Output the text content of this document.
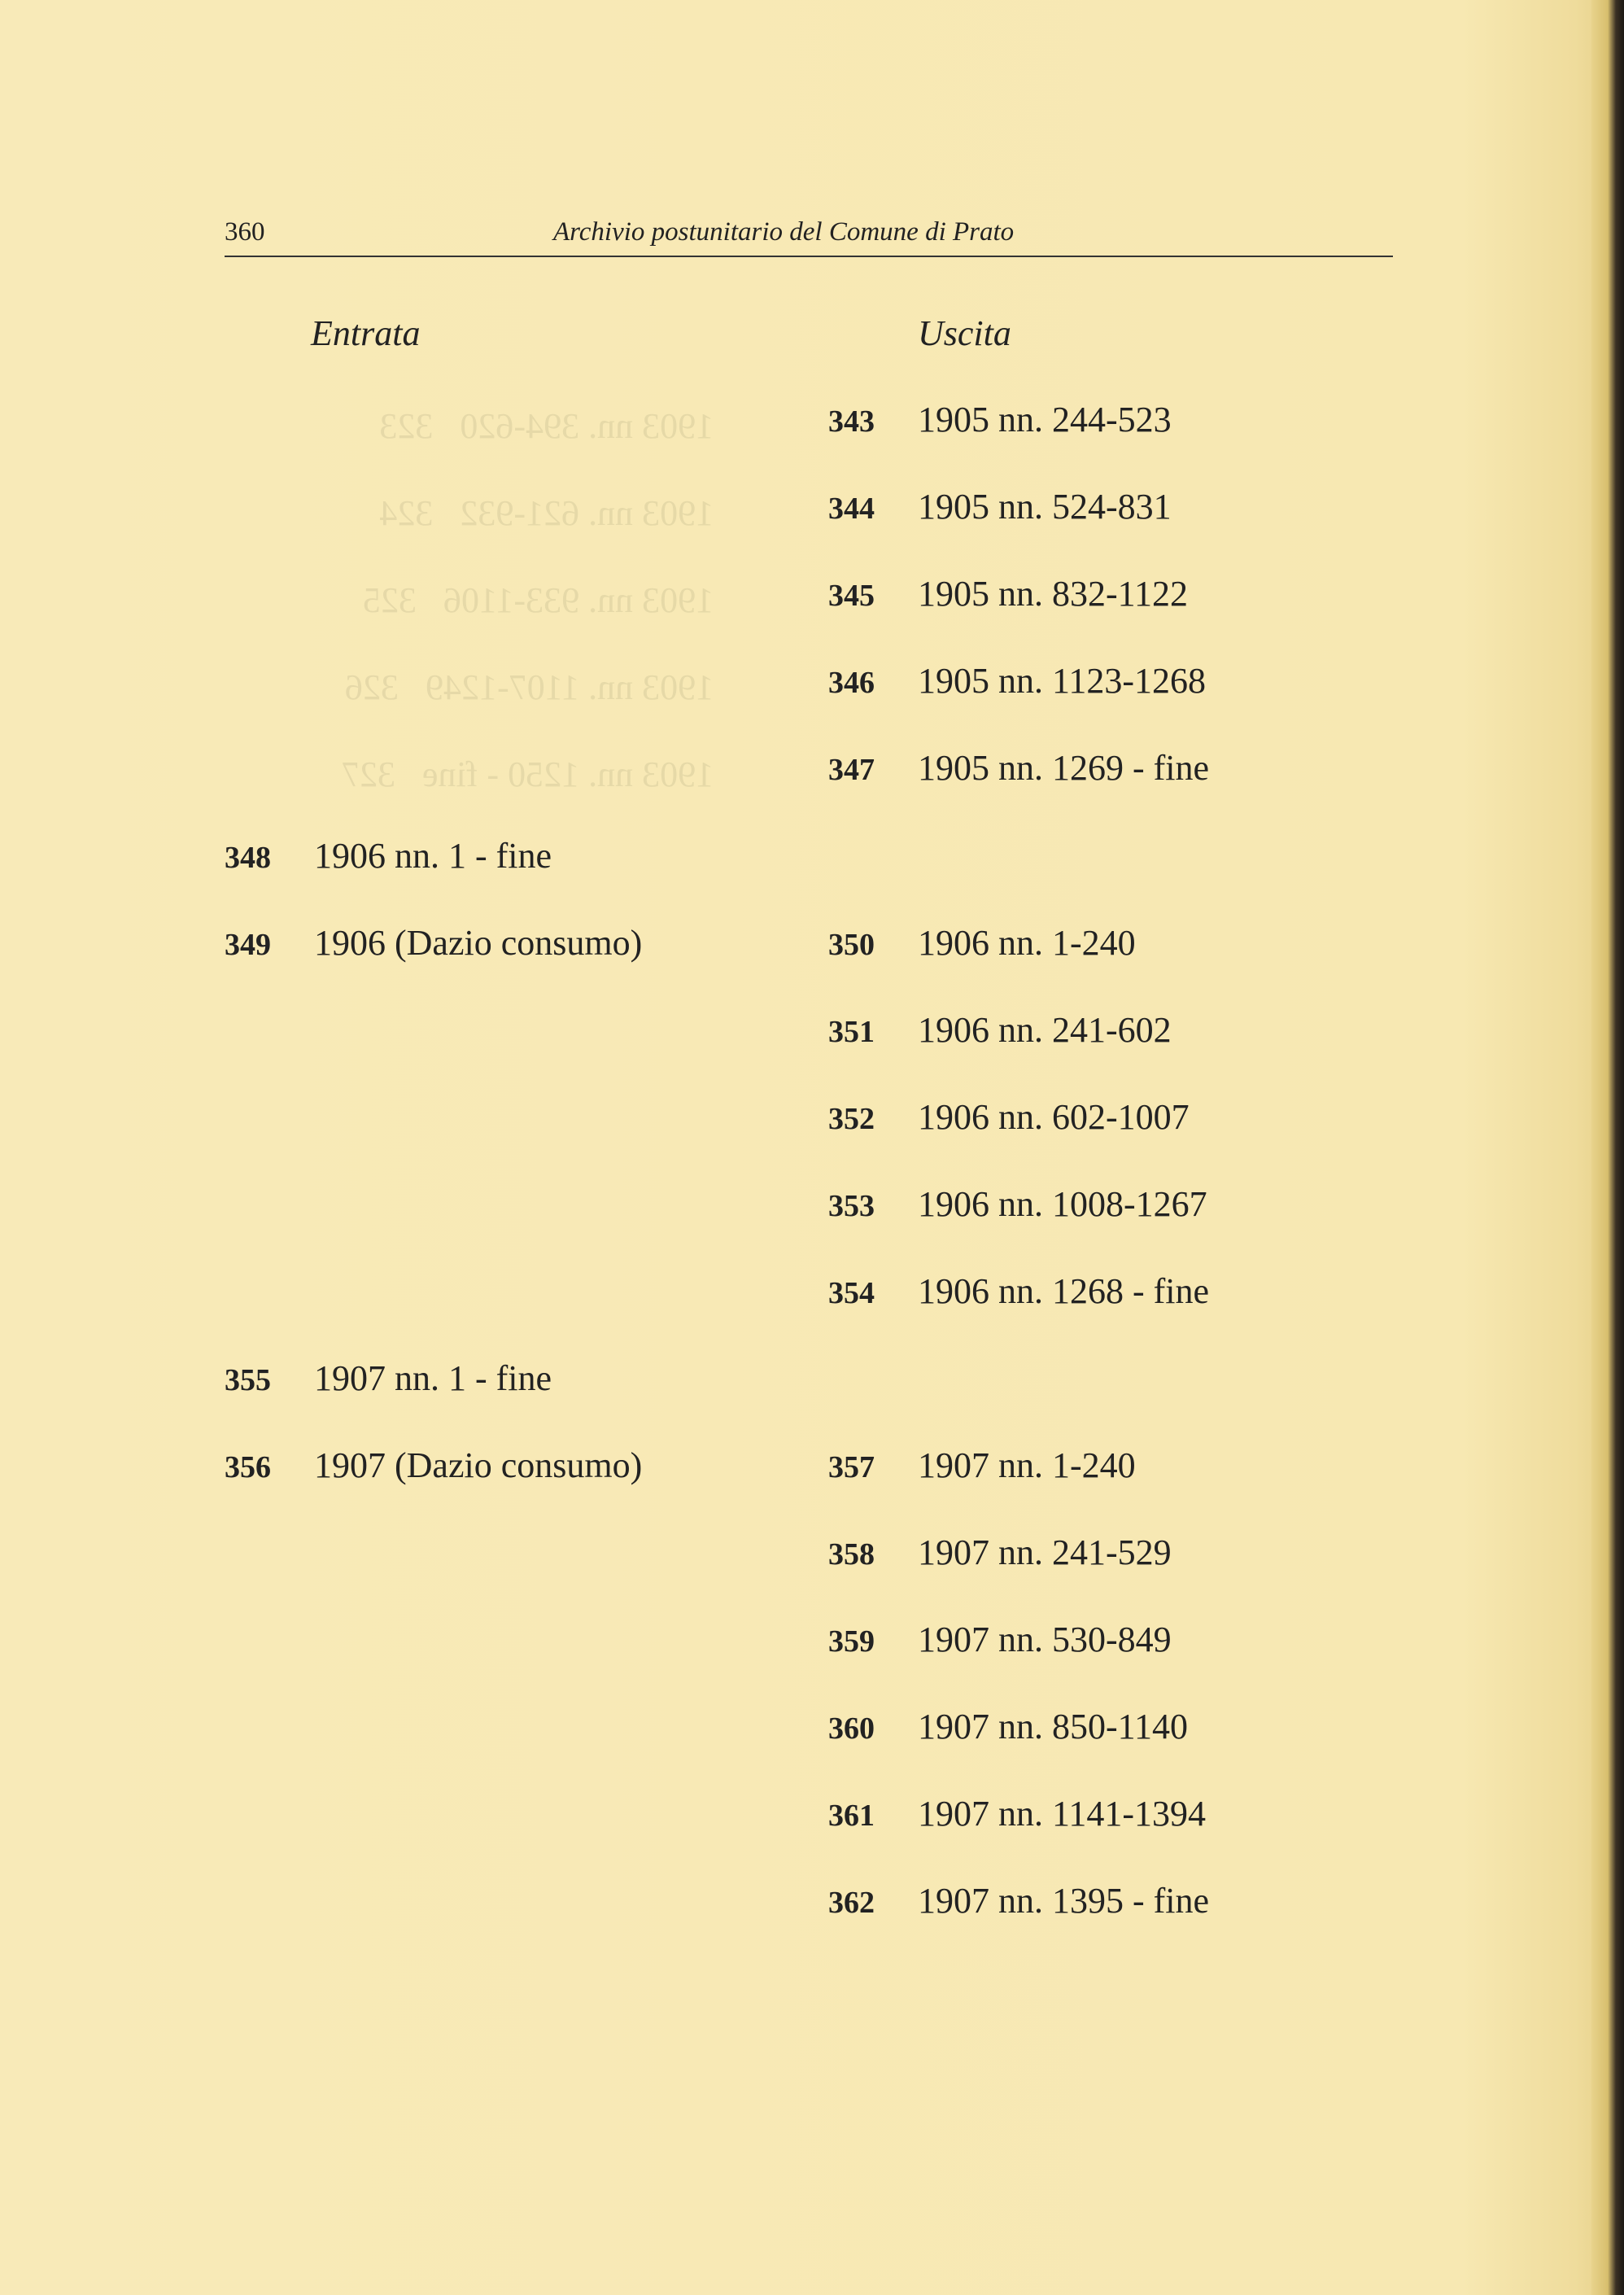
1903 nn. 394-620   323
1903 nn. 621-932   324
1903 nn. 933-1106   325
1903 nn. 1107-1249   326
1903 nn. 1250 - fine   327
360	Archivio postunitario del Comune di Prato
Entrata	Uscita
348 1906 nn. 1 - fine
349 1906 (Dazio consumo)
355 1907 nn. 1 - fine
356 1907 (Dazio consumo)
343 1905 nn. 244-523
344 1905 nn. 524-831
345 1905 nn. 832-1122
346 1905 nn. 1123-1268
347 1905 nn. 1269 - fine
350 1906 nn. 1-240
351 1906 nn. 241-602
352 1906 nn. 602-1007
353 1906 nn. 1008-1267
354 1906 nn. 1268 - fine
357 1907 nn. 1-240
358 1907 nn. 241-529
359 1907 nn. 530-849
360 1907 nn. 850-1140
361 1907 nn. 1141-1394
362 1907 nn. 1395 - fine
